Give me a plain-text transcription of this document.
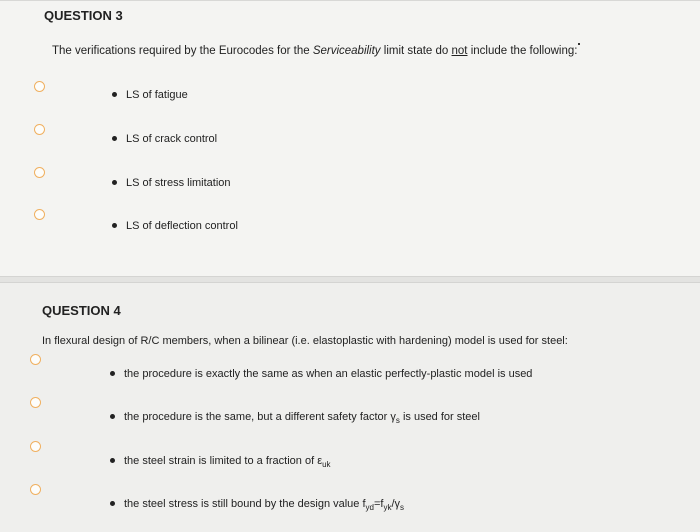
QUESTION 3
The verifications required by the Eurocodes for the Serviceability limit state do not include the following:
LS of fatigue
LS of crack control
LS of stress limitation
LS of deflection control
QUESTION 4
In flexural design of R/C members, when a bilinear (i.e. elastoplastic with hardening) model is used for steel:
the procedure is exactly the same as when an elastic perfectly-plastic model is used
the procedure is the same, but a different safety factor $\gamma_s$ is used for steel
the steel strain is limited to a fraction of $\varepsilon_{uk}$
the steel stress is still bound by the design value $f_{yd}=f_{yk}/\gamma_s$
